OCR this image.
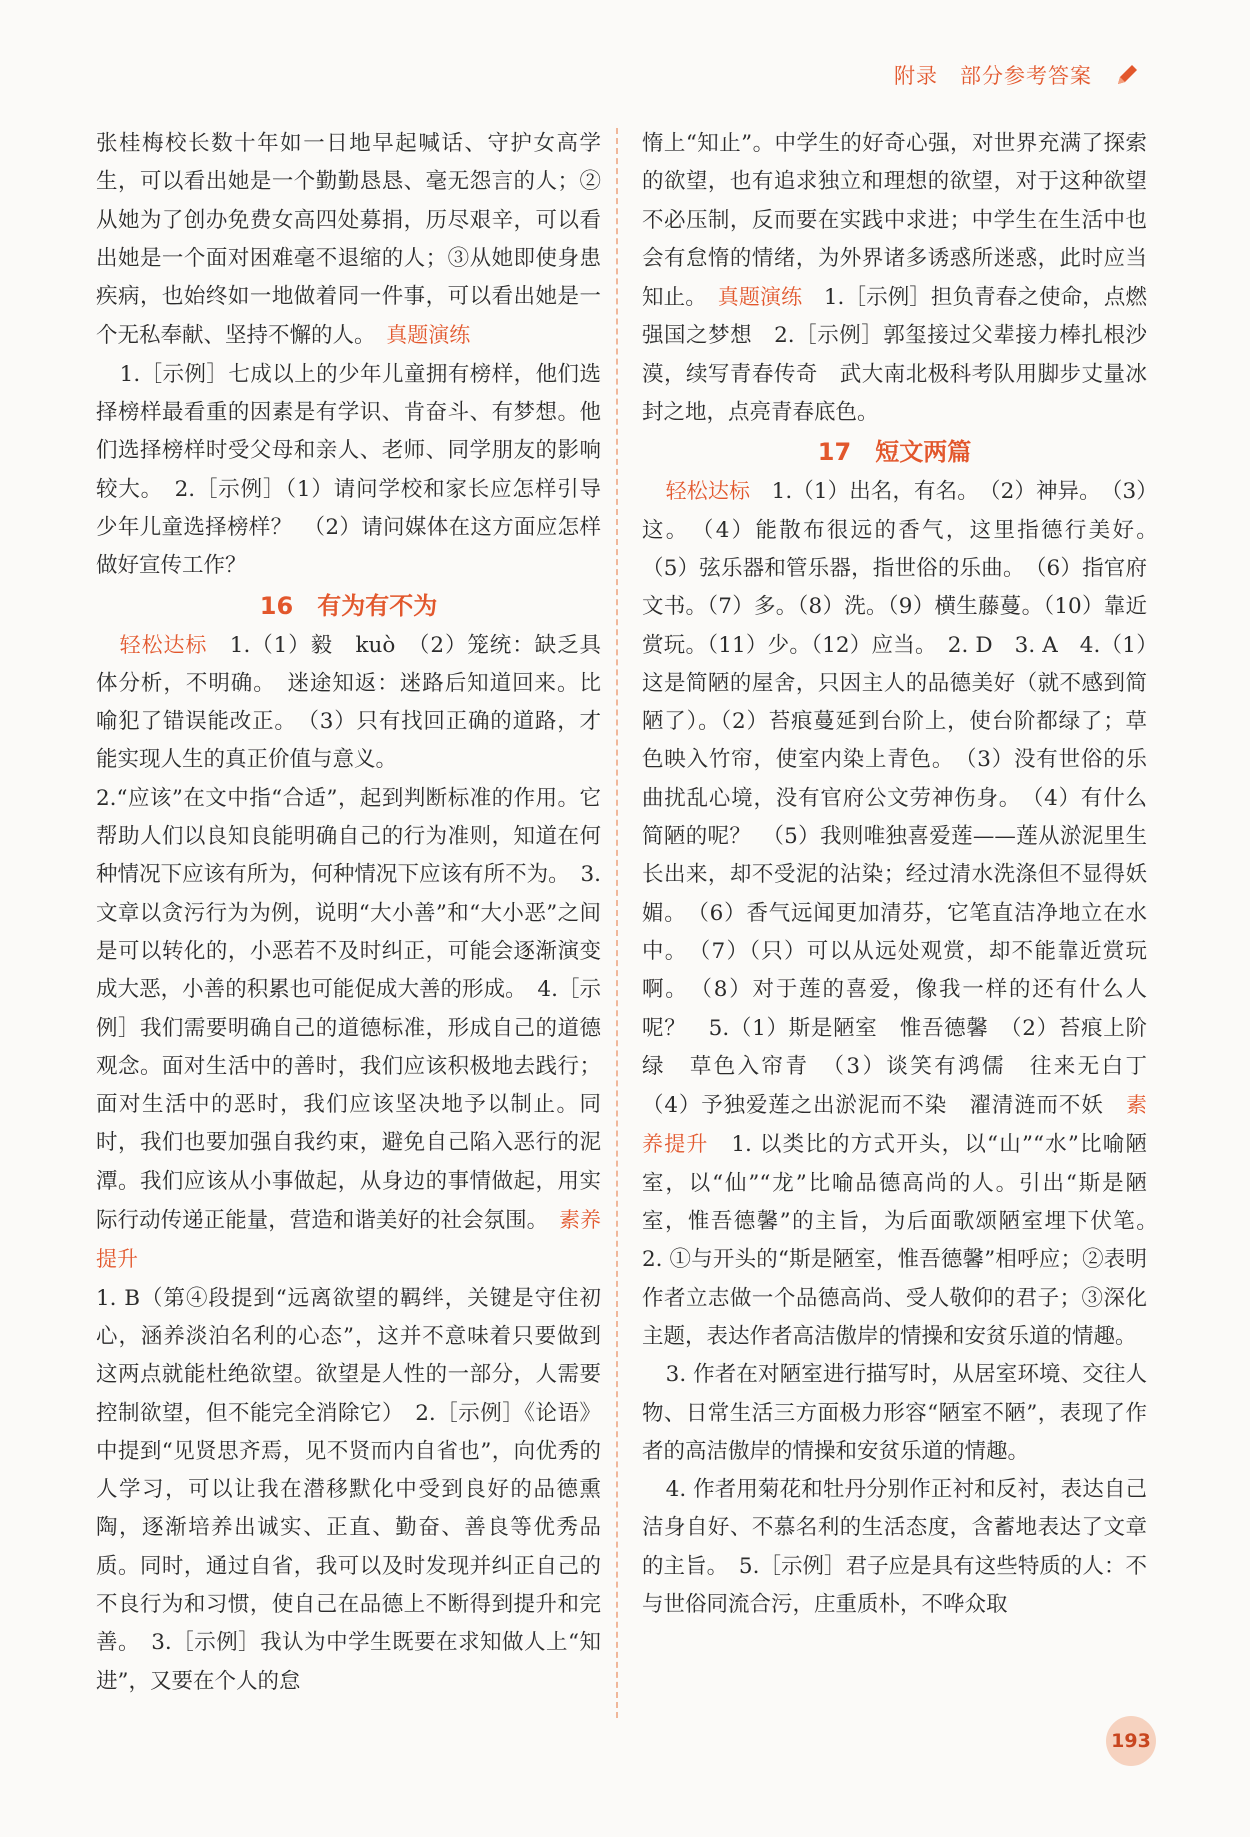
附录 部分参考答案

张桂梅校长数十年如一日地早起喊话、守护女高学生，可以看出她是一个勤勤恳恳、毫无怨言的人；②从她为了创办免费女高四处募捐，历尽艰辛，可以看出她是一个面对困难毫不退缩的人；③从她即使身患疾病，也始终如一地做着同一件事，可以看出她是一个无私奉献、坚持不懈的人。　 真题演练

1.［示例］七成以上的少年儿童拥有榜样，他们选择榜样最看重的因素是有学识、肯奋斗、有梦想。他们选择榜样时受父母和亲人、老师、同学朋友的影响较大。　2.［示例］（1）请问学校和家长应怎样引导少年儿童选择榜样？　（2）请问媒体在这方面应怎样做好宣传工作？

16　有为有不为

轻松达标　 1.（1）毅　kuò　（2）笼统：缺乏具体分析，不明确。　迷途知返：迷路后知道回来。比喻犯了错误能改正。　（3）只有找回正确的道路，才能实现人生的真正价值与意义。

2.“应该”在文中指“合适”，起到判断标准的作用。它帮助人们以良知良能明确自己的行为准则，知道在何种情况下应该有所为，何种情况下应该有所不为。　3. 文章以贪污行为为例，说明“大小善”和“大小恶”之间是可以转化的，小恶若不及时纠正，可能会逐渐演变成大恶，小善的积累也可能促成大善的形成。　4.［示例］我们需要明确自己的道德标准，形成自己的道德观念。面对生活中的善时，我们应该积极地去践行；面对生活中的恶时，我们应该坚决地予以制止。同时，我们也要加强自我约束，避免自己陷入恶行的泥潭。我们应该从小事做起，从身边的事情做起，用实际行动传递正能量，营造和谐美好的社会氛围。　 素养提升

1. B（第④段提到“远离欲望的羁绊，关键是守住初心，涵养淡泊名利的心态”，这并不意味着只要做到这两点就能杜绝欲望。欲望是人性的一部分，人需要控制欲望，但不能完全消除它）　2.［示例］《论语》中提到“见贤思齐焉，见不贤而内自省也”，向优秀的人学习，可以让我在潜移默化中受到良好的品德熏陶，逐渐培养出诚实、正直、勤奋、善良等优秀品质。同时，通过自省，我可以及时发现并纠正自己的不良行为和习惯，使自己在品德上不断得到提升和完善。　3.［示例］我认为中学生既要在求知做人上“知进”，又要在个人的怠

惰上“知止”。中学生的好奇心强，对世界充满了探索的欲望，也有追求独立和理想的欲望，对于这种欲望不必压制，反而要在实践中求进；中学生在生活中也会有怠惰的情绪，为外界诸多诱惑所迷惑，此时应当知止。　 真题演练　 1.［示例］担负青春之使命，点燃强国之梦想　2.［示例］郭玺接过父辈接力棒扎根沙漠，续写青春传奇　武大南北极科考队用脚步丈量冰封之地，点亮青春底色。

17　短文两篇

轻松达标　 1.（1）出名，有名。　（2）神异。　（3）这。　（4）能散布很远的香气，这里指德行美好。　（5）弦乐器和管乐器，指世俗的乐曲。　（6）指官府文书。（7）多。（8）洗。（9）横生藤蔓。（10）靠近赏玩。（11）少。（12）应当。　2. D　3. A　4.（1）这是简陋的屋舍，只因主人的品德美好（就不感到简陋了）。（2）苔痕蔓延到台阶上，使台阶都绿了；草色映入竹帘，使室内染上青色。　（3）没有世俗的乐曲扰乱心境，没有官府公文劳神伤身。　（4）有什么简陋的呢？　（5）我则唯独喜爱莲——莲从淤泥里生长出来，却不受泥的沾染；经过清水洗涤但不显得妖媚。　（6）香气远闻更加清芬，它笔直洁净地立在水中。　（7）（只）可以从远处观赏，却不能靠近赏玩啊。　（8）对于莲的喜爱，像我一样的还有什么人呢？　5.（1）斯是陋室　惟吾德馨　（2）苔痕上阶绿　草色入帘青　（3）谈笑有鸿儒　往来无白丁　（4）予独爱莲之出淤泥而不染　濯清涟而不妖　 素养提升　 1. 以类比的方式开头，以“山”“水”比喻陋室，以“仙”“龙”比喻品德高尚的人。引出“斯是陋室，惟吾德馨”的主旨，为后面歌颂陋室埋下伏笔。　2. ①与开头的“斯是陋室，惟吾德馨”相呼应；②表明作者立志做一个品德高尚、受人敬仰的君子；③深化主题，表达作者高洁傲岸的情操和安贫乐道的情趣。

3. 作者在对陋室进行描写时，从居室环境、交往人物、日常生活三方面极力形容“陋室不陋”，表现了作者的高洁傲岸的情操和安贫乐道的情趣。

4. 作者用菊花和牡丹分别作正衬和反衬，表达自己洁身自好、不慕名利的生活态度，含蓄地表达了文章的主旨。　5.［示例］君子应是具有这些特质的人：不与世俗同流合污，庄重质朴，不哗众取

193
